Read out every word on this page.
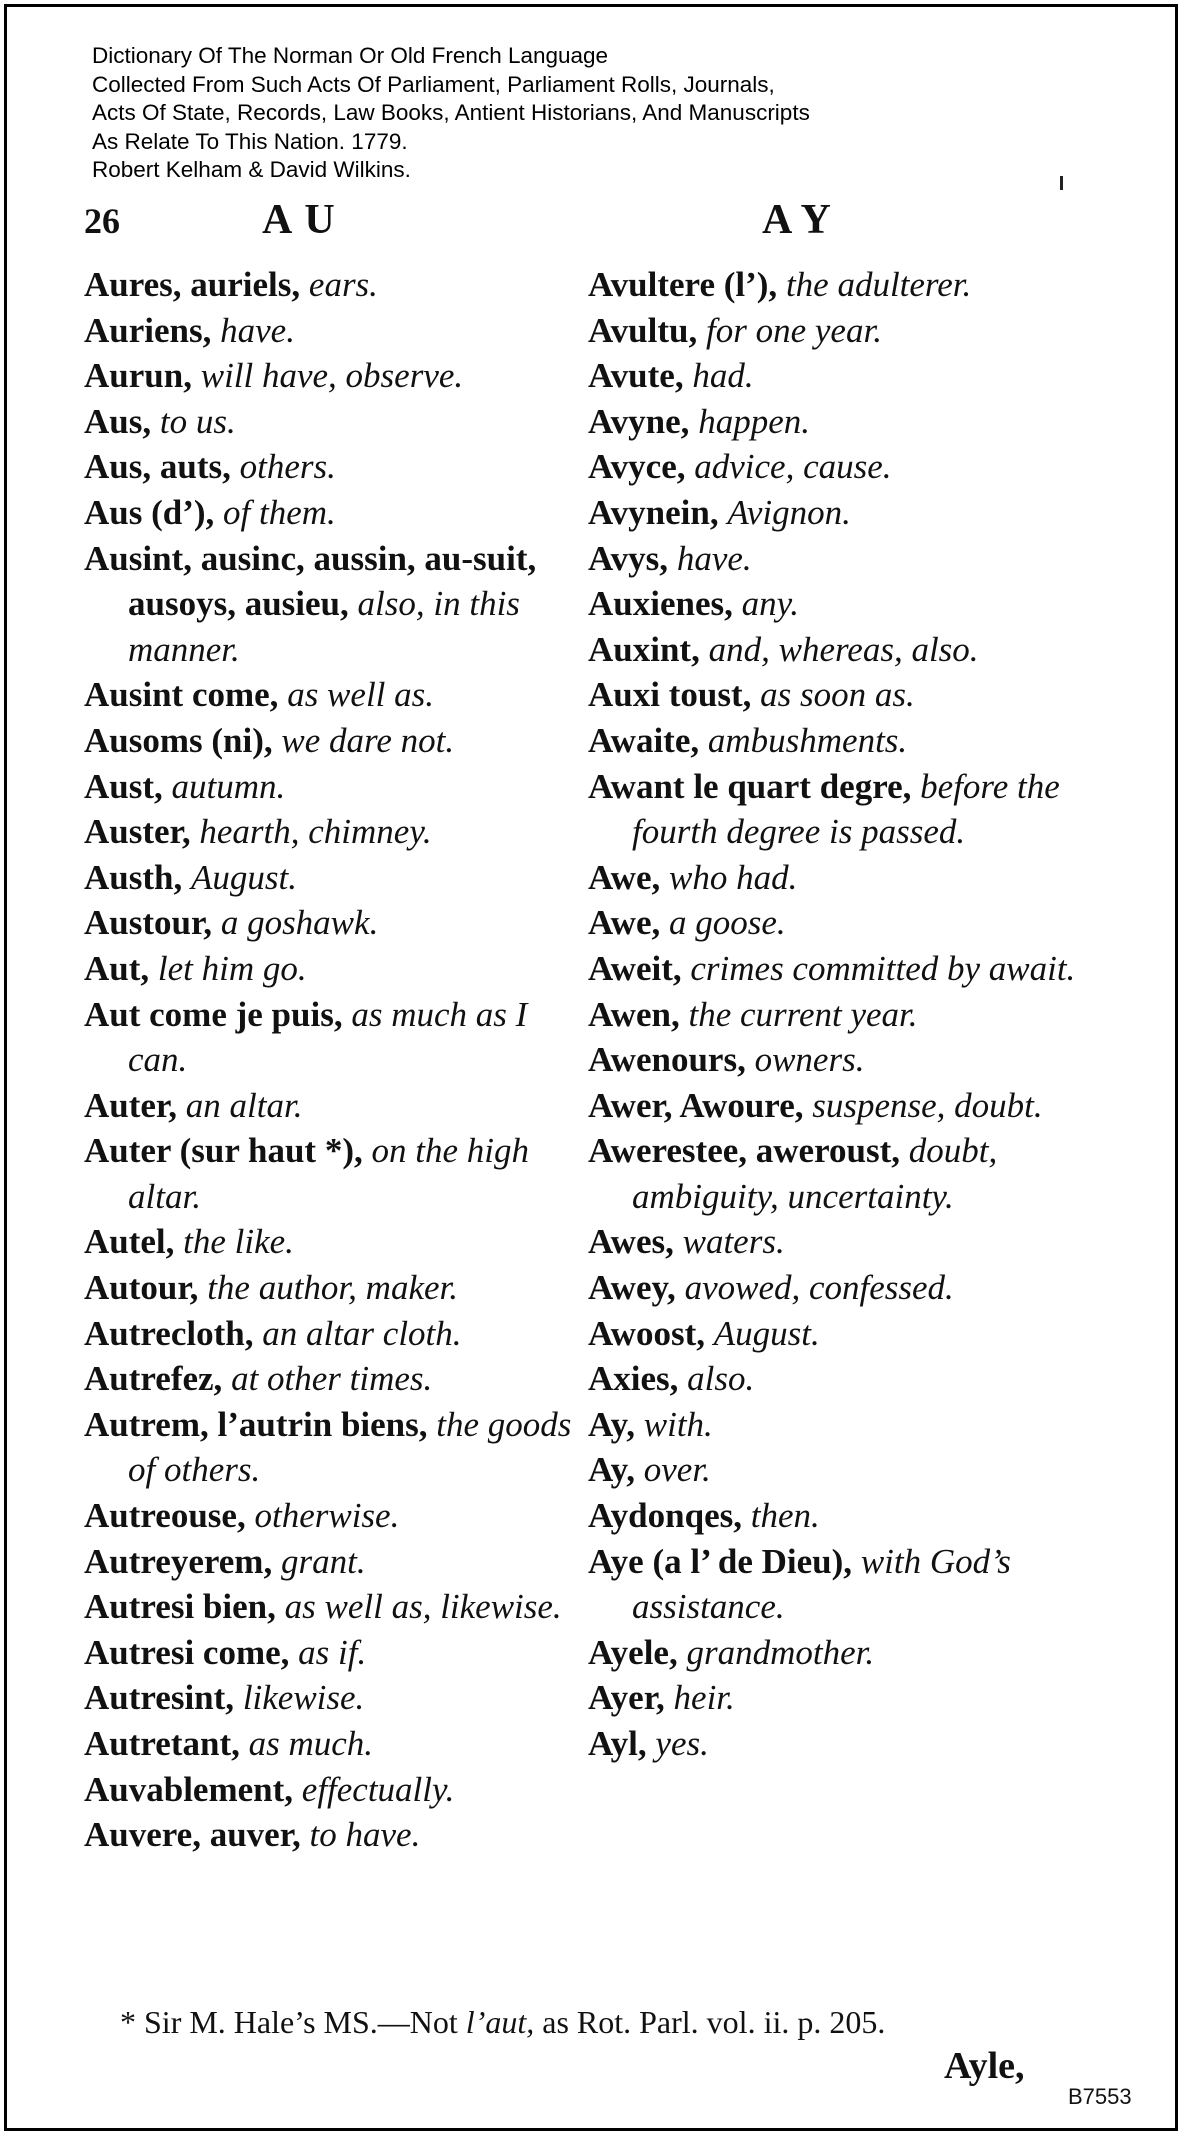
Dictionary Of The Norman Or Old French Language
Collected From Such Acts Of Parliament, Parliament Rolls, Journals,
Acts Of State, Records, Law Books, Antient Historians, And Manuscripts
As Relate To This Nation. 1779.
Robert Kelham & David Wilkins.
26	AU	AY
Aures, auriels, ears.
Auriens, have.
Aurun, will have, observe.
Aus, to us.
Aus, auts, others.
Aus (d’), of them.
Ausint, ausinc, aussin, au-suit, ausoys, ausieu, also, in this manner.
Ausint come, as well as.
Ausoms (ni), we dare not.
Aust, autumn.
Auster, hearth, chimney.
Austh, August.
Austour, a goshawk.
Aut, let him go.
Aut come je puis, as much as I can.
Auter, an altar.
Auter (sur haut *), on the high altar.
Autel, the like.
Autour, the author, maker.
Autrecloth, an altar cloth.
Autrefez, at other times.
Autrem, l’autrin biens, the goods of others.
Autreouse, otherwise.
Autreyerem, grant.
Autresi bien, as well as, likewise.
Autresi come, as if.
Autresint, likewise.
Autretant, as much.
Auvablement, effectually.
Auvere, auver, to have.
Avultere (l’), the adulterer.
Avultu, for one year.
Avute, had.
Avyne, happen.
Avyce, advice, cause.
Avynein, Avignon.
Avys, have.
Auxienes, any.
Auxint, and, whereas, also.
Auxi toust, as soon as.
Awaite, ambushments.
Awant le quart degre, before the fourth degree is passed.
Awe, who had.
Awe, a goose.
Aweit, crimes committed by await.
Awen, the current year.
Awenours, owners.
Awer, Awoure, suspense, doubt.
Awerestee, aweroust, doubt, ambiguity, uncertainty.
Awes, waters.
Awey, avowed, confessed.
Awoost, August.
Axies, also.
Ay, with.
Ay, over.
Aydonqes, then.
Aye (a l’ de Dieu), with God’s assistance.
Ayele, grandmother.
Ayer, heir.
Ayl, yes.
* Sir M. Hale’s MS.—Not l’aut, as Rot. Parl. vol. ii. p. 205.
Ayle,
B7553
